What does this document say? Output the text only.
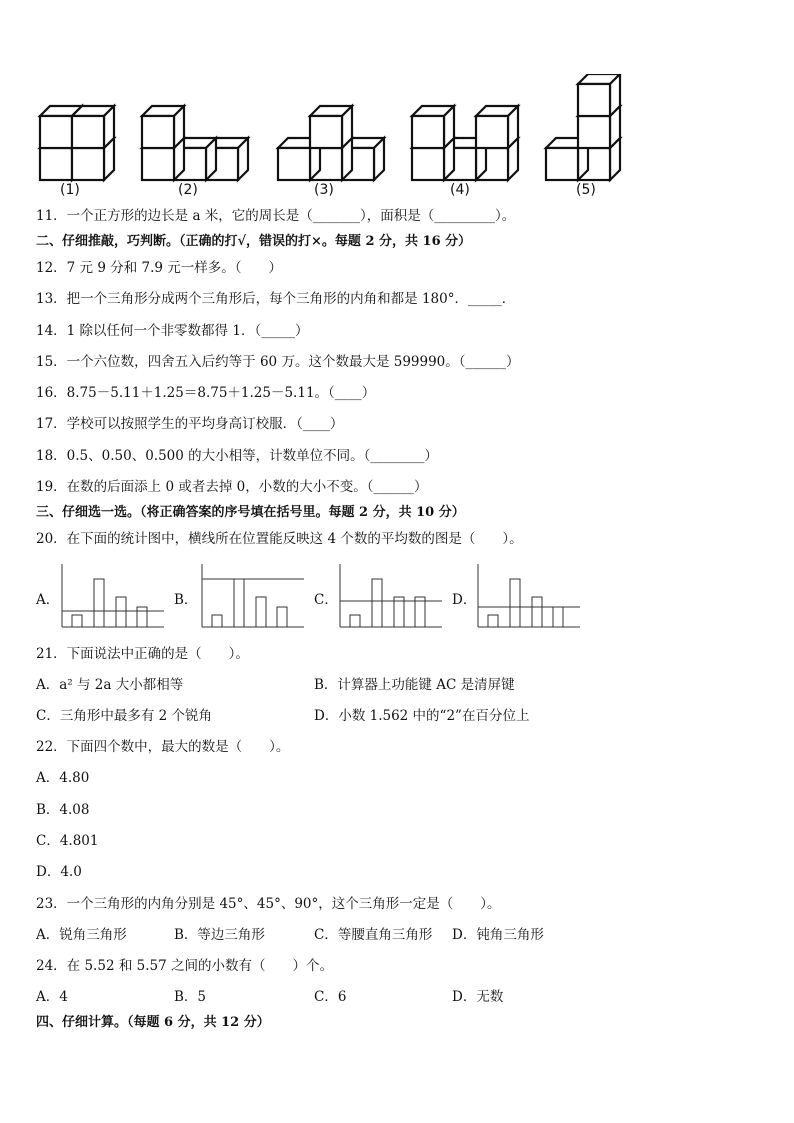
(1)	(2)	(3)	(4)	(5)
11．一个正方形的边长是 a 米，它的周长是（_______），面积是（_________）。
二、仔细推敲，巧判断。（正确的打√，错误的打×。每题 2 分，共 16 分）
12．7 元 9 分和 7.9 元一样多。（　　）
13．把一个三角形分成两个三角形后，每个三角形的内角和都是 180°．_____．
14．1 除以任何一个非零数都得 1．（_____）
15．一个六位数，四舍五入后约等于 60 万。这个数最大是 599990。（______）
16．8.75－5.11＋1.25＝8.75＋1.25－5.11。（____）
17．学校可以按照学生的平均身高订校服．（____）
18．0.5、0.50、0.500 的大小相等，计数单位不同。（________）
19．在数的后面添上 0 或者去掉 0，小数的大小不变。（______）
三、仔细选一选。（将正确答案的序号填在括号里。每题 2 分，共 10 分）
20．在下面的统计图中，横线所在位置能反映这 4 个数的平均数的图是（　　）。
A．	B．	C．	D．
21．下面说法中正确的是（　　）。
A．a² 与 2a 大小都相等	B．计算器上功能键 AC 是清屏键
C．三角形中最多有 2 个锐角	D．小数 1.562 中的“2”在百分位上
22．下面四个数中，最大的数是（　　）。
A．4.80
B．4.08
C．4.801
D．4.0
23．一个三角形的内角分别是 45°、45°、90°，这个三角形一定是（　　）。
A．锐角三角形	B．等边三角形	C．等腰直角三角形 D．钝角三角形
24．在 5.52 和 5.57 之间的小数有（　　）个。
A．4	B．5	C．6	D．无数
四、仔细计算。（每题 6 分，共 12 分）
